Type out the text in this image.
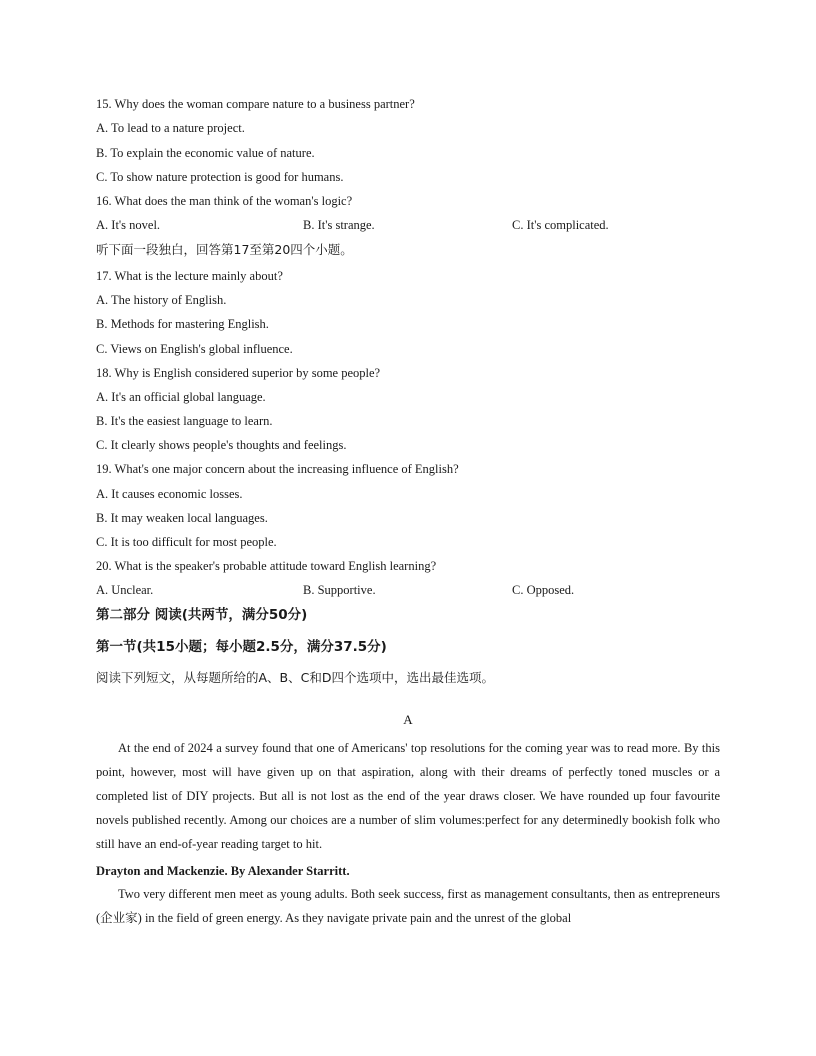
15. Why does the woman compare nature to a business partner?
A. To lead to a nature project.
B. To explain the economic value of nature.
C. To show nature protection is good for humans.
16. What does the man think of the woman's logic?
A. It's novel.	B. It's strange.	C. It's complicated.
听下面一段独白，回答第17至第20四个小题。
17. What is the lecture mainly about?
A. The history of English.
B. Methods for mastering English.
C. Views on English's global influence.
18. Why is English considered superior by some people?
A. It's an official global language.
B. It's the easiest language to learn.
C. It clearly shows people's thoughts and feelings.
19. What's one major concern about the increasing influence of English?
A. It causes economic losses.
B. It may weaken local languages.
C. It is too difficult for most people.
20. What is the speaker's probable attitude toward English learning?
A. Unclear.	B. Supportive.	C. Opposed.
第二部分 阅读(共两节，满分50分)
第一节(共15小题；每小题2.5分，满分37.5分)
阅读下列短文，从每题所给的A、B、C和D四个选项中，选出最佳选项。
A
At the end of 2024 a survey found that one of Americans' top resolutions for the coming year was to read more. By this point, however, most will have given up on that aspiration, along with their dreams of perfectly toned muscles or a completed list of DIY projects. But all is not lost as the end of the year draws closer. We have rounded up four favourite novels published recently. Among our choices are a number of slim volumes:perfect for any determinedly bookish folk who still have an end-of-year reading target to hit.
Drayton and Mackenzie. By Alexander Starritt.
Two very different men meet as young adults. Both seek success, first as management consultants, then as entrepreneurs (企业家) in the field of green energy. As they navigate private pain and the unrest of the global
